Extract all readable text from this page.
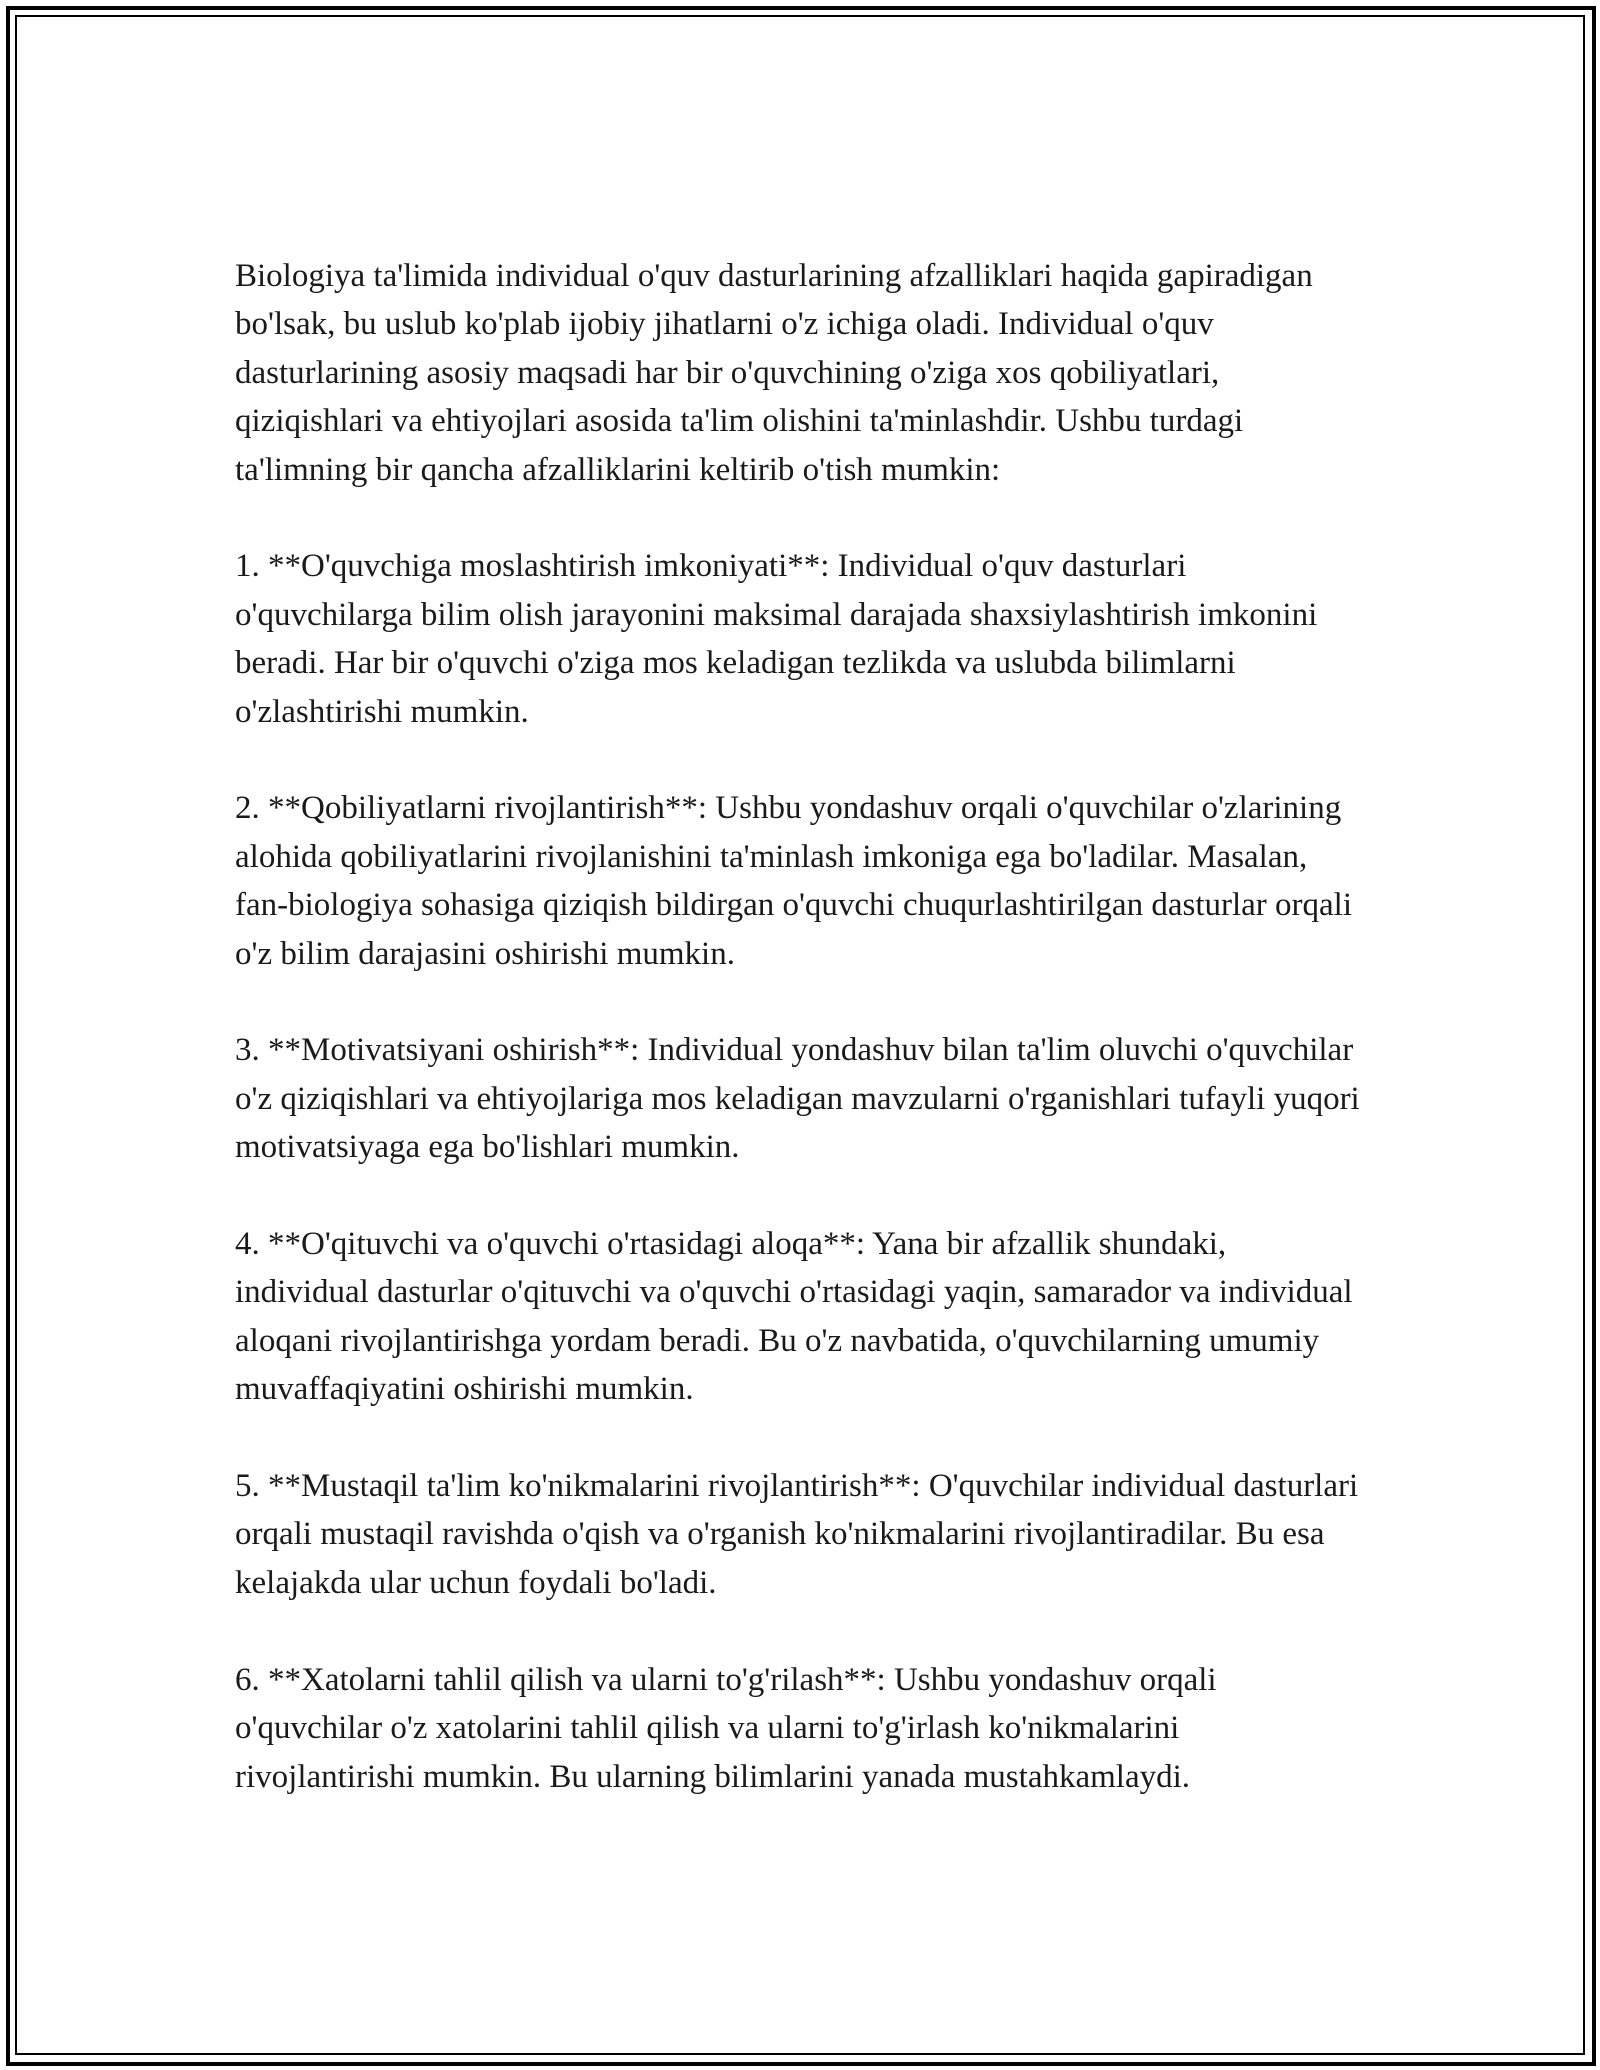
Biologiya ta'limida individual o'quv dasturlarining afzalliklari haqida gapiradigan bo'lsak, bu uslub ko'plab ijobiy jihatlarni o'z ichiga oladi. Individual o'quv dasturlarining asosiy maqsadi har bir o'quvchining o'ziga xos qobiliyatlari, qiziqishlari va ehtiyojlari asosida ta'lim olishini ta'minlashdir. Ushbu turdagi ta'limning bir qancha afzalliklarini keltirib o'tish mumkin:

1. **O'quvchiga moslashtirish imkoniyati**: Individual o'quv dasturlari o'quvchilarga bilim olish jarayonini maksimal darajada shaxsiylashtirish imkonini beradi. Har bir o'quvchi o'ziga mos keladigan tezlikda va uslubda bilimlarni o'zlashtirishi mumkin.

2. **Qobiliyatlarni rivojlantirish**: Ushbu yondashuv orqali o'quvchilar o'zlarining alohida qobiliyatlarini rivojlanishini ta'minlash imkoniga ega bo'ladilar. Masalan, fan-biologiya sohasiga qiziqish bildirgan o'quvchi chuqurlashtirilgan dasturlar orqali o'z bilim darajasini oshirishi mumkin.

3. **Motivatsiyani oshirish**: Individual yondashuv bilan ta'lim oluvchi o'quvchilar o'z qiziqishlari va ehtiyojlariga mos keladigan mavzularni o'rganishlari tufayli yuqori motivatsiyaga ega bo'lishlari mumkin.

4. **O'qituvchi va o'quvchi o'rtasidagi aloqa**: Yana bir afzallik shundaki, individual dasturlar o'qituvchi va o'quvchi o'rtasidagi yaqin, samarador va individual aloqani rivojlantirishga yordam beradi. Bu o'z navbatida, o'quvchilarning umumiy muvaffaqiyatini oshirishi mumkin.

5. **Mustaqil ta'lim ko'nikmalarini rivojlantirish**: O'quvchilar individual dasturlari orqali mustaqil ravishda o'qish va o'rganish ko'nikmalarini rivojlantiradilar. Bu esa kelajakda ular uchun foydali bo'ladi.

6. **Xatolarni tahlil qilish va ularni to'g'rilash**: Ushbu yondashuv orqali o'quvchilar o'z xatolarini tahlil qilish va ularni to'g'irlash ko'nikmalarini rivojlantirishi mumkin. Bu ularning bilimlarini yanada mustahkamlaydi.
